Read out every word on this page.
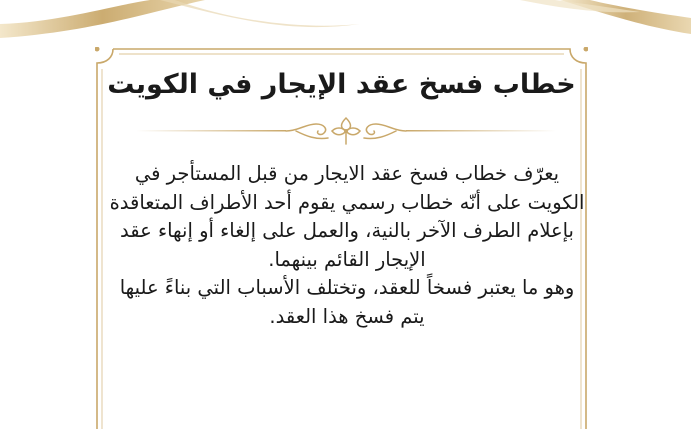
خطاب فسخ عقد الإيجار في الكويت

يعرّف خطاب فسخ عقد الايجار من قبل المستأجر في الكويت على أنّه خطاب رسمي يقوم أحد الأطراف المتعاقدة بإعلام الطرف الآخر بالنية، والعمل على إلغاء أو إنهاء عقد الإيجار القائم بينهما.

وهو ما يعتبر فسخاً للعقد، وتختلف الأسباب التي بناءً عليها يتم فسخ هذا العقد.
